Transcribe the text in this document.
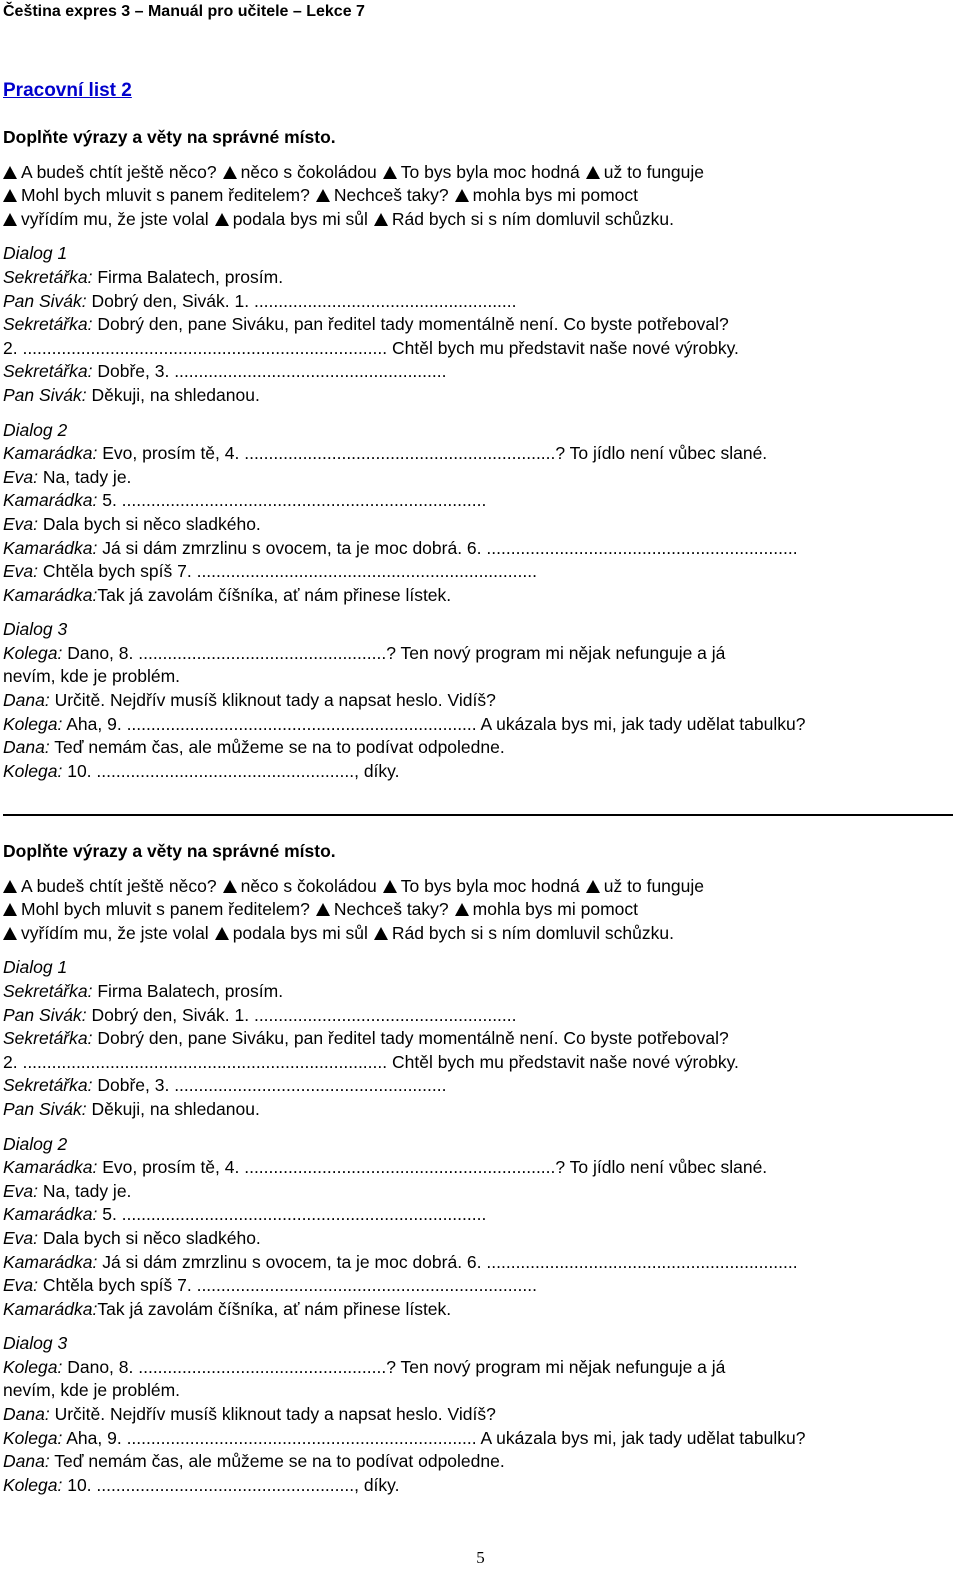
Čeština expres 3 – Manuál pro učitele – Lekce 7
Pracovní list 2

Doplňte výrazy a věty na správné místo.

A budeš chtít ještě něco? něco s čokoládou To bys byla moc hodná už to funguje
Mohl bych mluvit s panem ředitelem? Nechceš taky? mohla bys mi pomoct
vyřídím mu, že jste volal podala bys mi sůl Rád bych si s ním domluvil schůzku.

Dialog 1

Sekretářka: Firma Balatech, prosím.

Pan Sivák: Dobrý den, Sivák. 1. ......................................................

Sekretářka: Dobrý den, pane Siváku, pan ředitel tady momentálně není. Co byste potřeboval?

2. ........................................................................... Chtěl bych mu představit naše nové výrobky.

Sekretářka: Dobře, 3. ........................................................

Pan Sivák: Děkuji, na shledanou.

Dialog 2

Kamarádka: Evo, prosím tě, 4. ................................................................? To jídlo není vůbec slané.

Eva: Na, tady je.

Kamarádka: 5. ...........................................................................

Eva: Dala bych si něco sladkého.

Kamarádka: Já si dám zmrzlinu s ovocem, ta je moc dobrá. 6. ................................................................

Eva: Chtěla bych spíš 7. ......................................................................

Kamarádka:Tak já zavolám číšníka, ať nám přinese lístek.

Dialog 3

Kolega: Dano, 8. ...................................................? Ten nový program mi nějak nefunguje a já

nevím, kde je problém.

Dana: Určitě. Nejdřív musíš kliknout tady a napsat heslo. Vidíš?

Kolega: Aha, 9. ........................................................................ A ukázala bys mi, jak tady udělat tabulku?

Dana: Teď nemám čas, ale můžeme se na to podívat odpoledne.

Kolega: 10. ....................................................., díky.

Doplňte výrazy a věty na správné místo.

A budeš chtít ještě něco? něco s čokoládou To bys byla moc hodná už to funguje
Mohl bych mluvit s panem ředitelem? Nechceš taky? mohla bys mi pomoct
vyřídím mu, že jste volal podala bys mi sůl Rád bych si s ním domluvil schůzku.

Dialog 1

Sekretářka: Firma Balatech, prosím.

Pan Sivák: Dobrý den, Sivák. 1. ......................................................

Sekretářka: Dobrý den, pane Siváku, pan ředitel tady momentálně není. Co byste potřeboval?

2. ........................................................................... Chtěl bych mu představit naše nové výrobky.

Sekretářka: Dobře, 3. ........................................................

Pan Sivák: Děkuji, na shledanou.

Dialog 2

Kamarádka: Evo, prosím tě, 4. ................................................................? To jídlo není vůbec slané.

Eva: Na, tady je.

Kamarádka: 5. ...........................................................................

Eva: Dala bych si něco sladkého.

Kamarádka: Já si dám zmrzlinu s ovocem, ta je moc dobrá. 6. ................................................................

Eva: Chtěla bych spíš 7. ......................................................................

Kamarádka:Tak já zavolám číšníka, ať nám přinese lístek.

Dialog 3

Kolega: Dano, 8. ...................................................? Ten nový program mi nějak nefunguje a já

nevím, kde je problém.

Dana: Určitě. Nejdřív musíš kliknout tady a napsat heslo. Vidíš?

Kolega: Aha, 9. ........................................................................ A ukázala bys mi, jak tady udělat tabulku?

Dana: Teď nemám čas, ale můžeme se na to podívat odpoledne.

Kolega: 10. ....................................................., díky.

5
